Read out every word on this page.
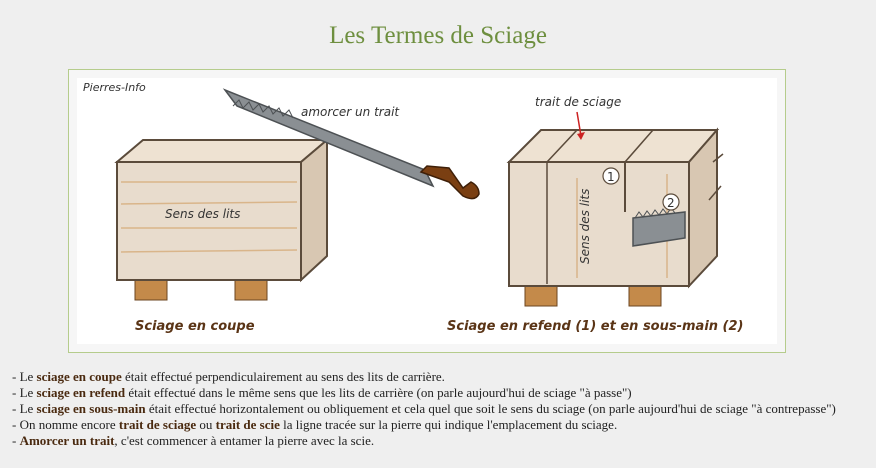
Les Termes de Sciage
Pierres-Info
Sens des lits
amorcer un trait
Sens des lits
1
2
trait de sciage
Sciage en coupe	Sciage en refend (1) et en sous-main (2)

- Le sciage en coupe était effectué perpendiculairement au sens des lits de carrière.

- Le sciage en refend était effectué dans le même sens que les lits de carrière (on parle aujourd'hui de sciage "à passe")

- Le sciage en sous-main était effectué horizontalement ou obliquement et cela quel que soit le sens du sciage (on parle aujourd'hui de sciage "à contrepasse")

- On nomme encore trait de sciage ou trait de scie la ligne tracée sur la pierre qui indique l'emplacement du sciage.

- Amorcer un trait, c'est commencer à entamer la pierre avec la scie.
